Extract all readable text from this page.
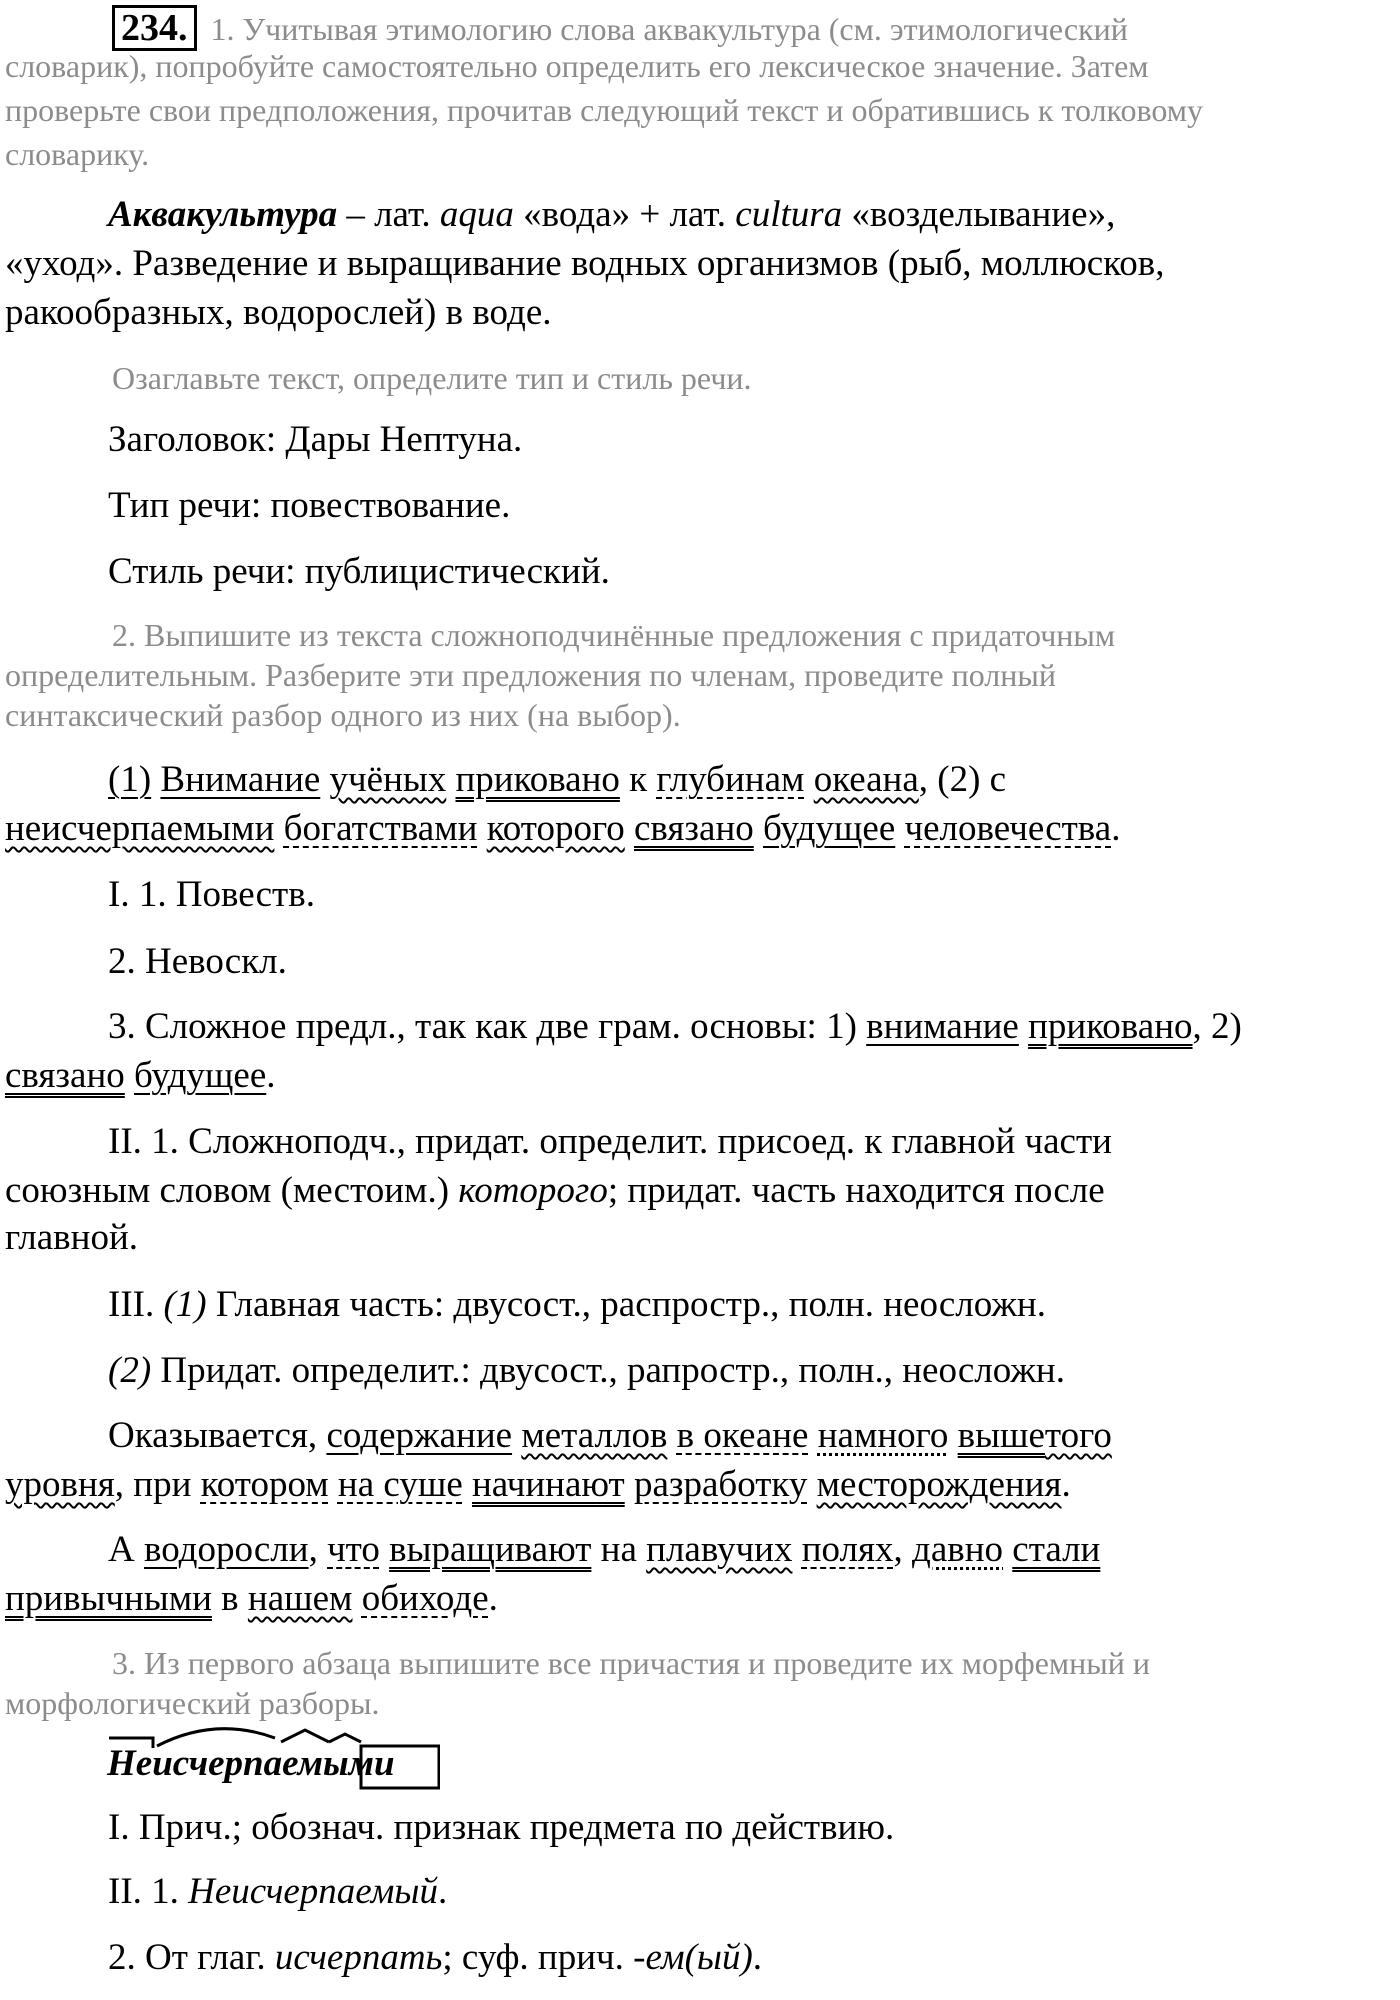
234. 1. Учитывая этимологию слова аквакультура (см. этимологический
словарик), попробуйте самостоятельно определить его лексическое значение. Затем
проверьте свои предположения, прочитав следующий текст и обратившись к толковому
словарику.
Аквакультура – лат. aqua «вода» + лат. cultura «возделывание»,
«уход». Разведение и выращивание водных организмов (рыб, моллюсков,
ракообразных, водорослей) в воде.
Озаглавьте текст, определите тип и стиль речи.
Заголовок: Дары Нептуна.
Тип речи: повествование.
Стиль речи: публицистический.
2. Выпишите из текста сложноподчинённые предложения с придаточным
определительным. Разберите эти предложения по членам, проведите полный
синтаксический разбор одного из них (на выбор).
(1) Внимание учёных приковано к глубинам океана, (2) с
неисчерпаемыми богатствами которого связано будущее человечества.
I. 1. Повеств.
2. Невоскл.
3. Сложное предл., так как две грам. основы: 1) внимание приковано, 2)
связано будущее.
II. 1. Сложноподч., придат. определит. присоед. к главной части
союзным словом (местоим.) которого; придат. часть находится после
главной.
III. (1) Главная часть: двусост., распростр., полн. неосложн.
(2) Придат. определит.: двусост., рапростр., полн., неосложн.
Оказывается, содержание металлов в океане намного вышетого
уровня, при котором на суше начинают разработку месторождения.
А водоросли, что выращивают на плавучих полях, давно стали
привычными в нашем обиходе.
3. Из первого абзаца выпишите все причастия и проведите их морфемный и
морфологический разборы.
Неисчерпаемыми
I. Прич.; обознач. признак предмета по действию.
II. 1. Неисчерпаемый.
2. От глаг. исчерпать; суф. прич. -ем(ый).
